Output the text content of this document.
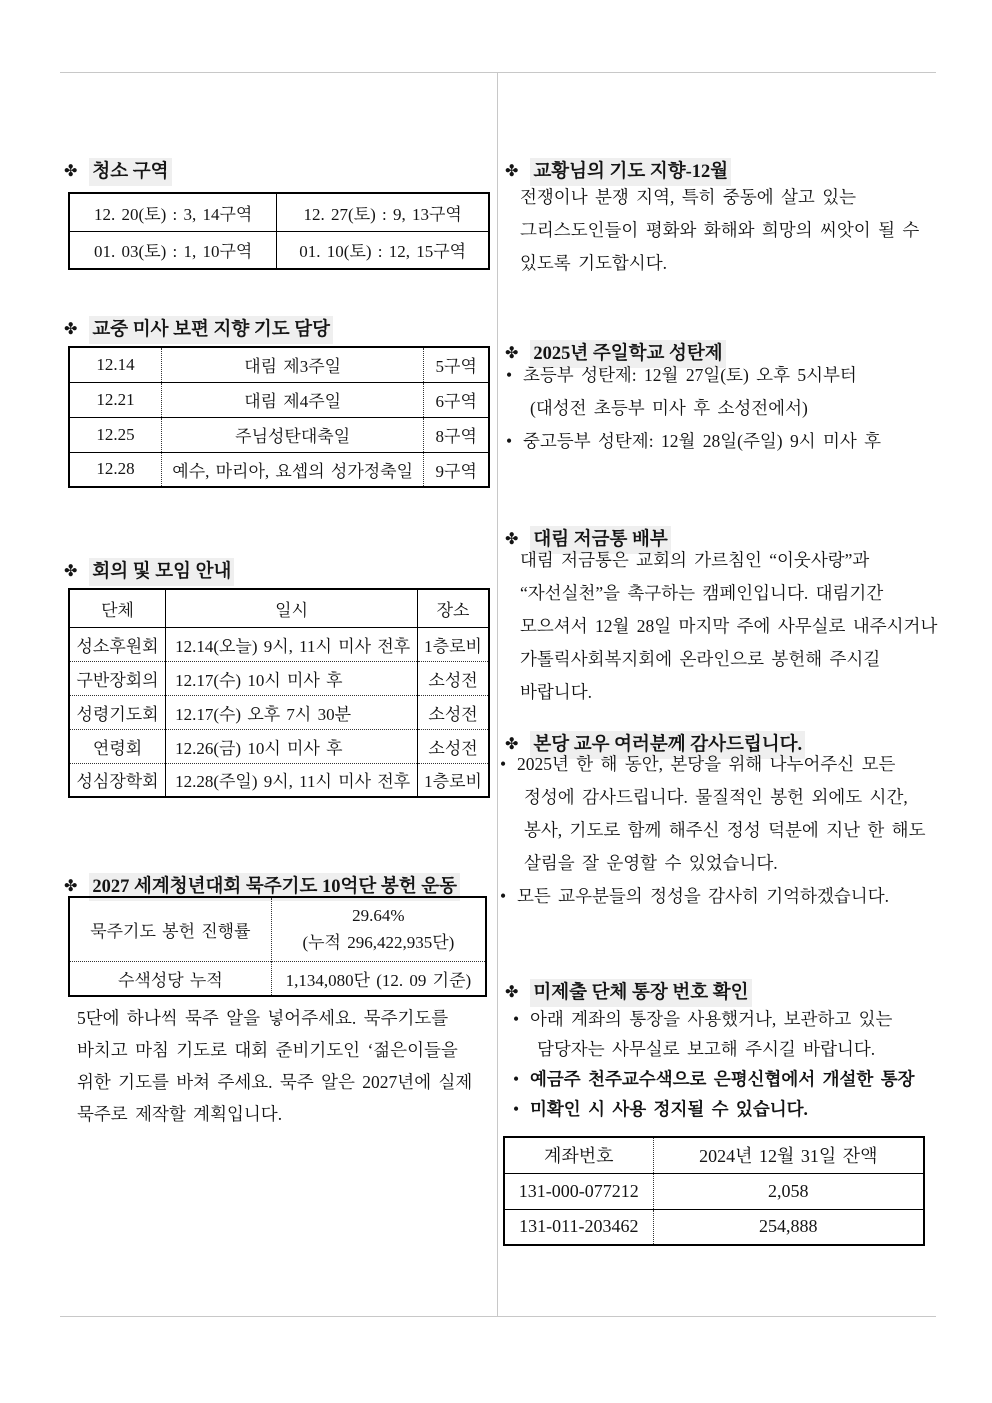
✤ 청소 구역
12. 20(토) : 3, 14구역	12. 27(토) : 9, 13구역
01. 03(토) : 1, 10구역	01. 10(토) : 12, 15구역
✤ 교중 미사 보편 지향 기도 담당
12.14	대림 제3주일	5구역
12.21	대림 제4주일	6구역
12.25	주님성탄대축일	8구역
12.28	예수, 마리아, 요셉의 성가정축일	9구역
✤ 회의 및 모임 안내
단체	일시	장소
성소후원회	12.14(오늘) 9시, 11시 미사 전후	1층로비
구반장회의	12.17(수) 10시 미사 후	소성전
성령기도회	12.17(수) 오후 7시 30분	소성전
연령회	12.26(금) 10시 미사 후	소성전
성심장학회	12.28(주일) 9시, 11시 미사 전후	1층로비
✤ 2027 세계청년대회 묵주기도 10억단 봉헌 운동
묵주기도 봉헌 진행률	29.64%
(누적 296,422,935단)

수색성당 누적	1,134,080단 (12. 09 기준)
5단에 하나씩 묵주 알을 넣어주세요. 묵주기도를
바치고 마침 기도로 대회 준비기도인 ‘젊은이들을
위한 기도를 바쳐 주세요. 묵주 알은 2027년에 실제
묵주로 제작할 계획입니다.
✤ 교황님의 기도 지향-12월
전쟁이나 분쟁 지역, 특히 중동에 살고 있는
그리스도인들이 평화와 화해와 희망의 씨앗이 될 수
있도록 기도합시다.
✤ 2025년 주일학교 성탄제
• 초등부 성탄제: 12월 27일(토) 오후 5시부터
(대성전 초등부 미사 후 소성전에서)
• 중고등부 성탄제: 12월 28일(주일) 9시 미사 후
✤ 대림 저금통 배부
대림 저금통은 교회의 가르침인 “이웃사랑”과
“자선실천”을 촉구하는 캠페인입니다. 대림기간
모으셔서 12월 28일 마지막 주에 사무실로 내주시거나
가톨릭사회복지회에 온라인으로 봉헌해 주시길
바랍니다.
✤ 본당 교우 여러분께 감사드립니다.
• 2025년 한 해 동안, 본당을 위해 나누어주신 모든
정성에 감사드립니다. 물질적인 봉헌 외에도 시간,
봉사, 기도로 함께 해주신 정성 덕분에 지난 한 해도
살림을 잘 운영할 수 있었습니다.
• 모든 교우분들의 정성을 감사히 기억하겠습니다.
✤ 미제출 단체 통장 번호 확인
• 아래 계좌의 통장을 사용했거나, 보관하고 있는
담당자는 사무실로 보고해 주시길 바랍니다.
• 예금주 천주교수색으로 은평신협에서 개설한 통장
• 미확인 시 사용 정지될 수 있습니다.
계좌번호	2024년 12월 31일 잔액
131-000-077212	2,058
131-011-203462	254,888
